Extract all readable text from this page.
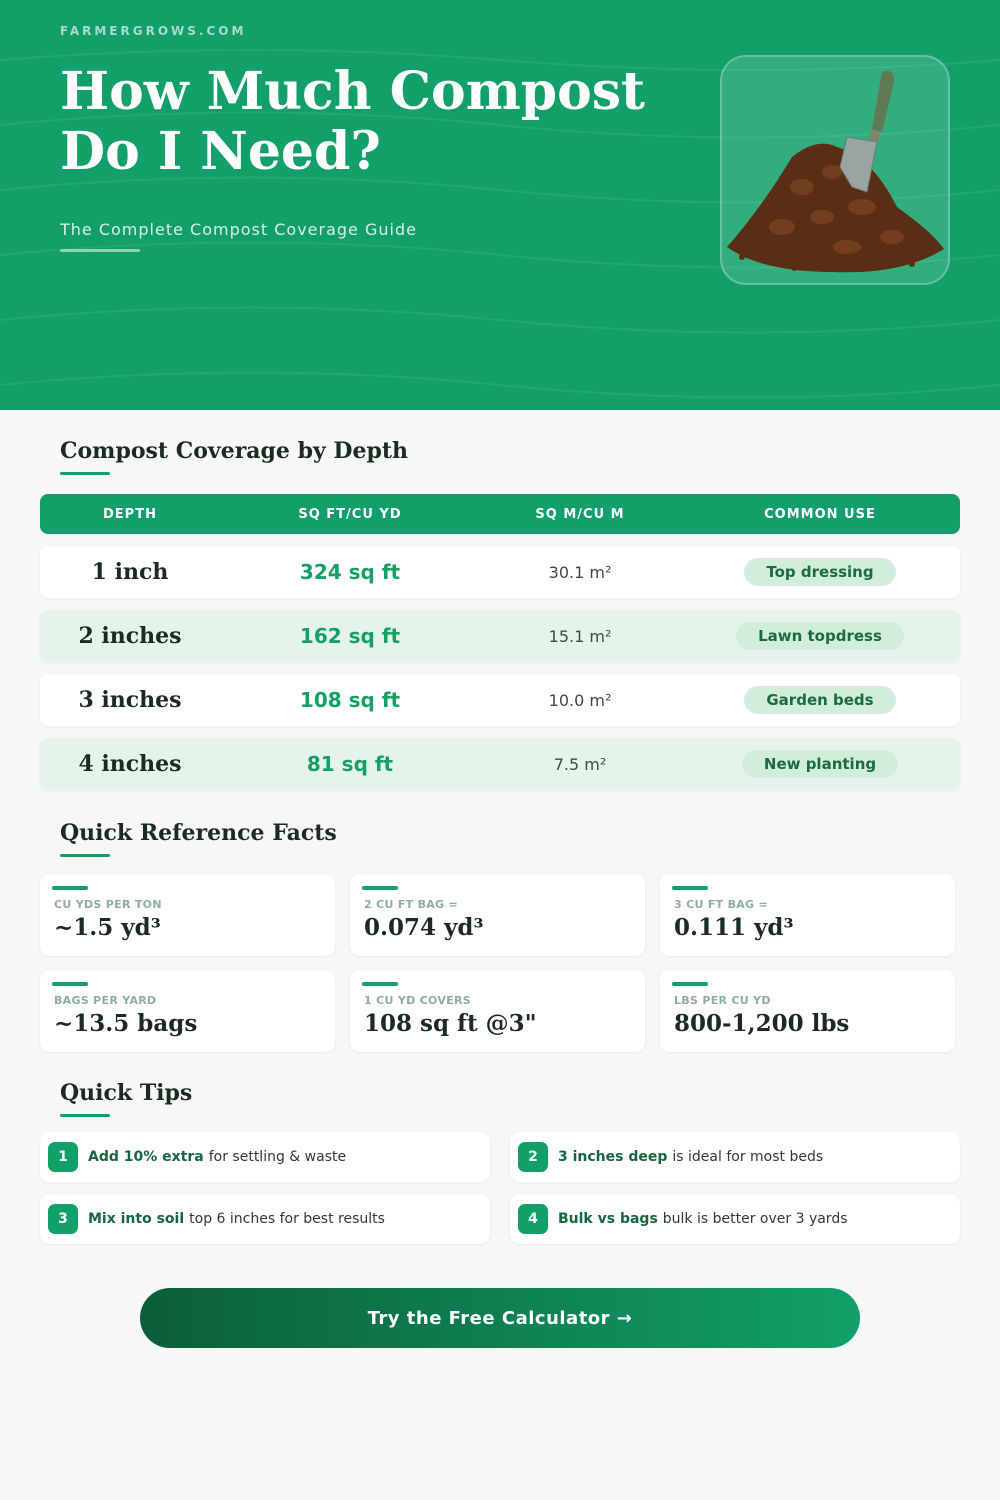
FARMERGROWS.COM
How Much Compost Do I Need?
The Complete Compost Coverage Guide
Compost Coverage by Depth
DEPTH	SQ FT/CU YD	SQ M/CU M	COMMON USE
1 inch	324 sq ft	30.1 m²	Top dressing
2 inches	162 sq ft	15.1 m²	Lawn topdress
3 inches	108 sq ft	10.0 m²	Garden beds
4 inches	81 sq ft	7.5 m²	New planting
Quick Reference Facts
CU YDS PER TON
~1.5 yd³
2 CU FT BAG =
0.074 yd³
3 CU FT BAG =
0.111 yd³
BAGS PER YARD
~13.5 bags
1 CU YD COVERS
108 sq ft @3"
LBS PER CU YD
800-1,200 lbs
Quick Tips
1	Add 10% extra for settling & waste	2	3 inches deep is ideal for most beds
3	Mix into soil top 6 inches for best results	4	Bulk vs bags bulk is better over 3 yards
Try the Free Calculator →
